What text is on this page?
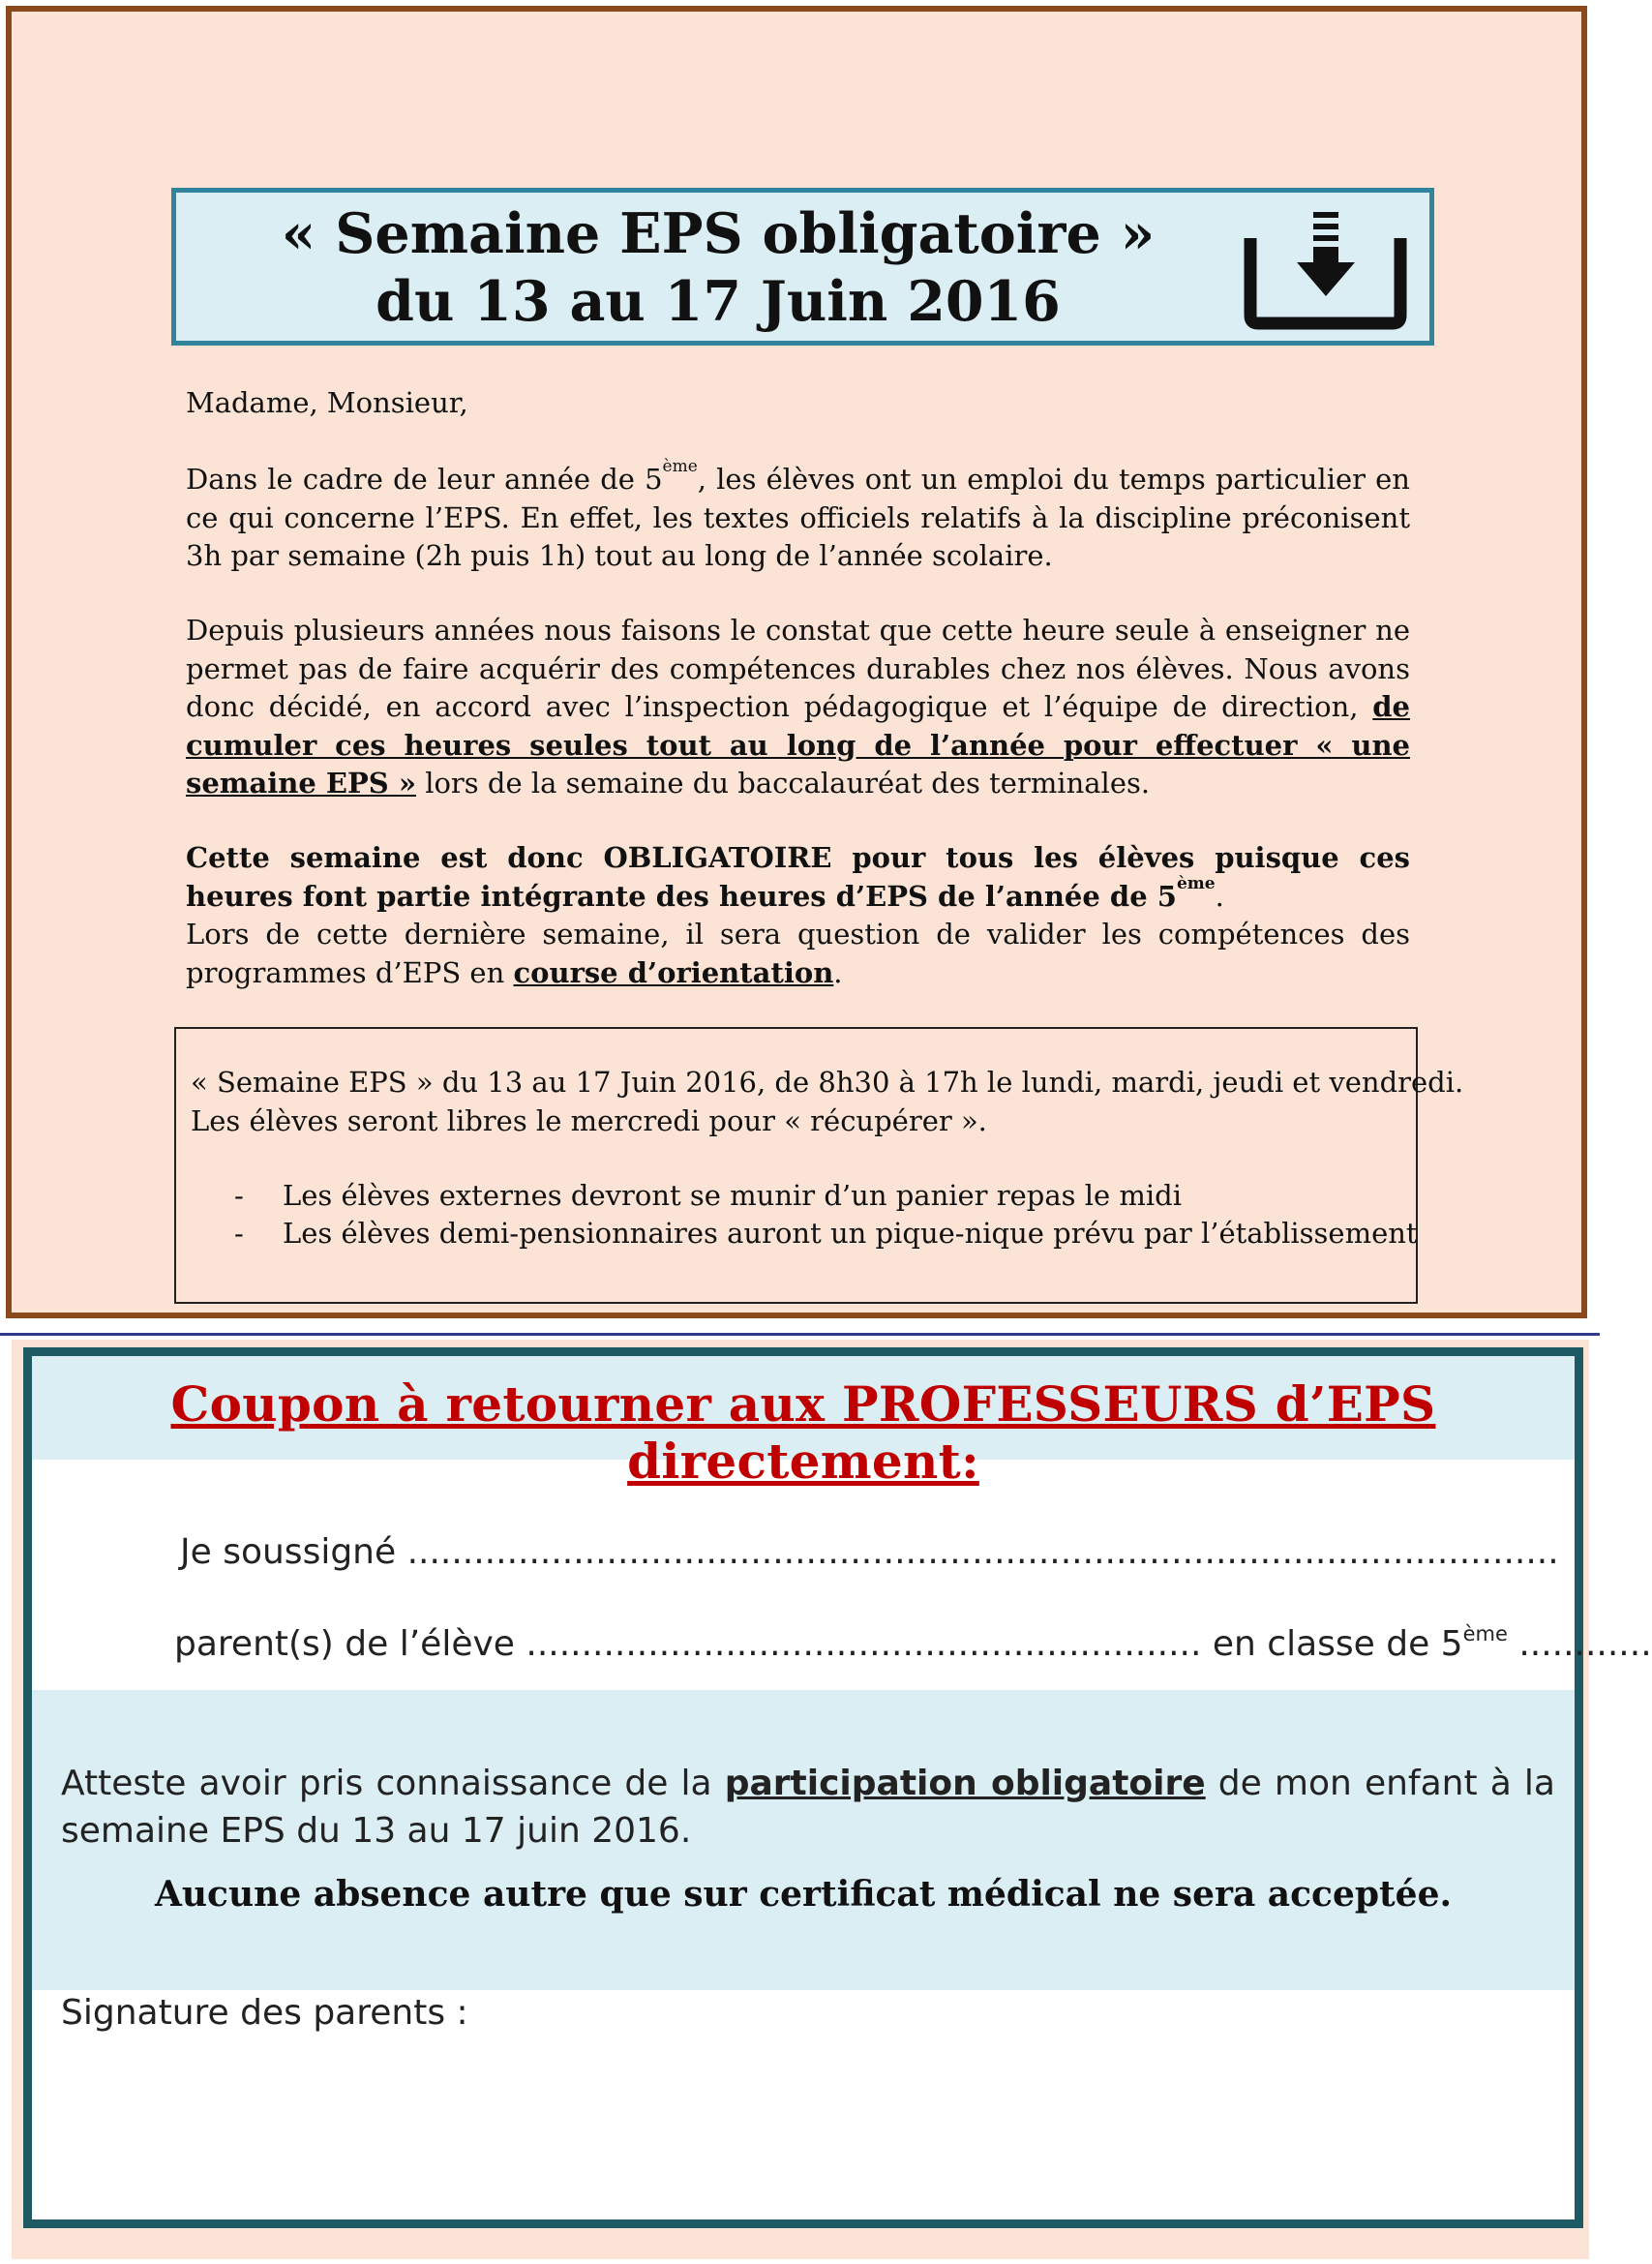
« Semaine EPS obligatoire »
du 13 au 17 Juin 2016
Madame, Monsieur,
Dans le cadre de leur année de 5ème, les élèves ont un emploi du temps particulier en ce qui concerne l’EPS. En effet, les textes officiels relatifs à la discipline préconisent 3h par semaine (2h puis 1h) tout au long de l’année scolaire.
Depuis plusieurs années nous faisons le constat que cette heure seule à enseigner ne permet pas de faire acquérir des compétences durables chez nos élèves. Nous avons donc décidé, en accord avec l’inspection pédagogique et l’équipe de direction, de cumuler ces heures seules tout au long de l’année pour effectuer « une semaine EPS » lors de la semaine du baccalauréat des terminales.
Cette semaine est donc OBLIGATOIRE pour tous les élèves puisque ces heures font partie intégrante des heures d’EPS de l’année de 5ème.
Lors de cette dernière semaine, il sera question de valider les compétences des programmes d’EPS en course d’orientation.
« Semaine EPS » du 13 au 17 Juin 2016, de 8h30 à 17h le lundi, mardi, jeudi et vendredi.
Les élèves seront libres le mercredi pour « récupérer ».
- Les élèves externes devront se munir d’un panier repas le midi
- Les élèves demi-pensionnaires auront un pique-nique prévu par l’établissement
Coupon à retourner aux PROFESSEURS d’EPS directement:
Je soussigné ........................................................................................................
parent(s) de l’élève ............................................................. en classe de 5ème ............
Atteste avoir pris connaissance de la participation obligatoire de mon enfant à la semaine EPS du 13 au 17 juin 2016.
Aucune absence autre que sur certificat médical ne sera acceptée.
Signature des parents :
